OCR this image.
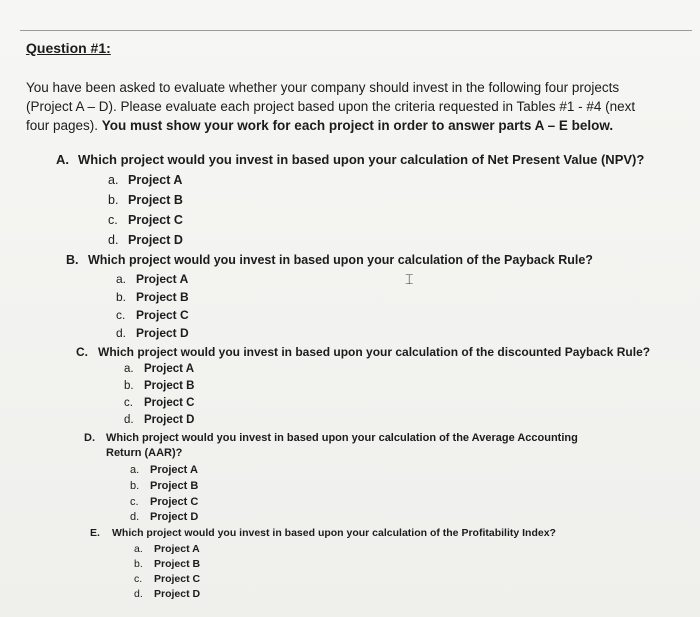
Question #1:
You have been asked to evaluate whether your company should invest in the following four projects
(Project A – D). Please evaluate each project based upon the criteria requested in Tables #1 - #4 (next
four pages). You must show your work for each project in order to answer parts A – E below.
A. Which project would you invest in based upon your calculation of Net Present Value (NPV)?
a. Project A
b. Project B
c. Project C
d. Project D
B. Which project would you invest in based upon your calculation of the Payback Rule?
a. Project A
b. Project B
c. Project C
d. Project D
C. Which project would you invest in based upon your calculation of the discounted Payback Rule?
a. Project A
b. Project B
c. Project C
d. Project D
D. Which project would you invest in based upon your calculation of the Average Accounting
Return (AAR)?
a. Project A
b. Project B
c. Project C
d. Project D
E. Which project would you invest in based upon your calculation of the Profitability Index?
a. Project A
b. Project B
c. Project C
d. Project D
⌶
